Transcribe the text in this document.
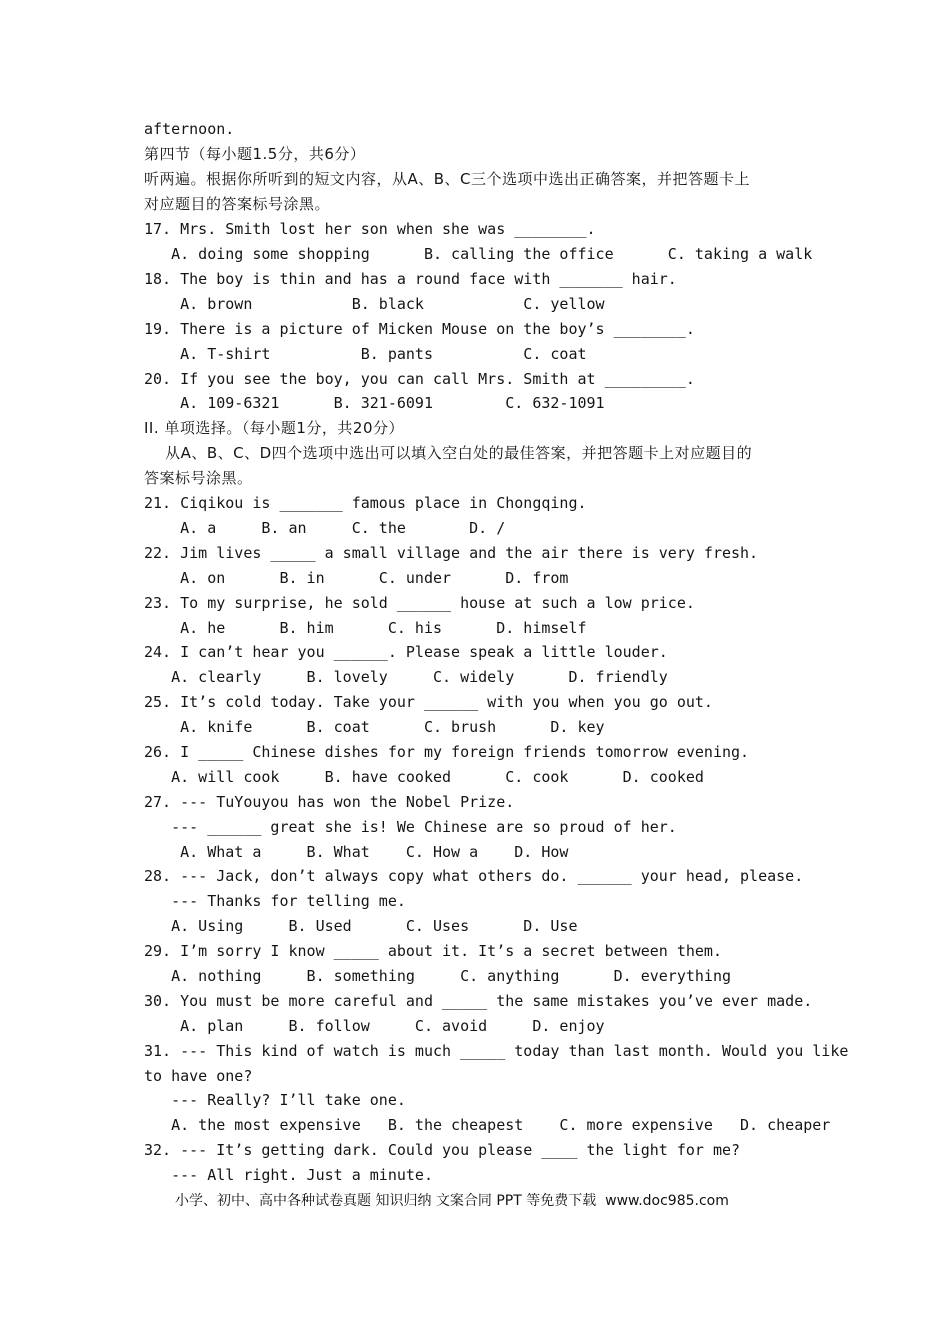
afternoon.
第四节（每小题1.5分，共6分）
听两遍。根据你所听到的短文内容，从A、B、C三个选项中选出正确答案，并把答题卡上
对应题目的答案标号涂黑。
17. Mrs. Smith lost her son when she was ________.
A. doing some shopping      B. calling the office      C. taking a walk
18. The boy is thin and has a round face with _______ hair.
A. brown           B. black           C. yellow
19. There is a picture of Micken Mouse on the boy’s ________.
A. T-shirt          B. pants          C. coat
20. If you see the boy, you can call Mrs. Smith at _________.
A. 109-6321      B. 321-6091        C. 632-1091
II. 单项选择。（每小题1分，共20分）
从A、B、C、D四个选项中选出可以填入空白处的最佳答案，并把答题卡上对应题目的
答案标号涂黑。
21. Ciqikou is _______ famous place in Chongqing.
A. a     B. an     C. the       D. /
22. Jim lives _____ a small village and the air there is very fresh.
A. on      B. in      C. under      D. from
23. To my surprise, he sold ______ house at such a low price.
A. he      B. him      C. his      D. himself
24. I can’t hear you ______. Please speak a little louder.
A. clearly     B. lovely     C. widely      D. friendly
25. It’s cold today. Take your ______ with you when you go out.
A. knife      B. coat      C. brush      D. key
26. I _____ Chinese dishes for my foreign friends tomorrow evening.
A. will cook     B. have cooked      C. cook      D. cooked
27. --- TuYouyou has won the Nobel Prize.
--- ______ great she is! We Chinese are so proud of her.
A. What a     B. What    C. How a    D. How
28. --- Jack, don’t always copy what others do. ______ your head, please.
--- Thanks for telling me.
A. Using     B. Used      C. Uses      D. Use
29. I’m sorry I know _____ about it. It’s a secret between them.
A. nothing     B. something     C. anything      D. everything
30. You must be more careful and _____ the same mistakes you’ve ever made.
A. plan     B. follow     C. avoid     D. enjoy
31. --- This kind of watch is much _____ today than last month. Would you like
to have one?
--- Really? I’ll take one.
A. the most expensive   B. the cheapest    C. more expensive   D. cheaper
32. --- It’s getting dark. Could you please ____ the light for me?
--- All right. Just a minute.
小学、初中、高中各种试卷真题 知识归纳 文案合同 PPT 等免费下载  www.doc985.com
